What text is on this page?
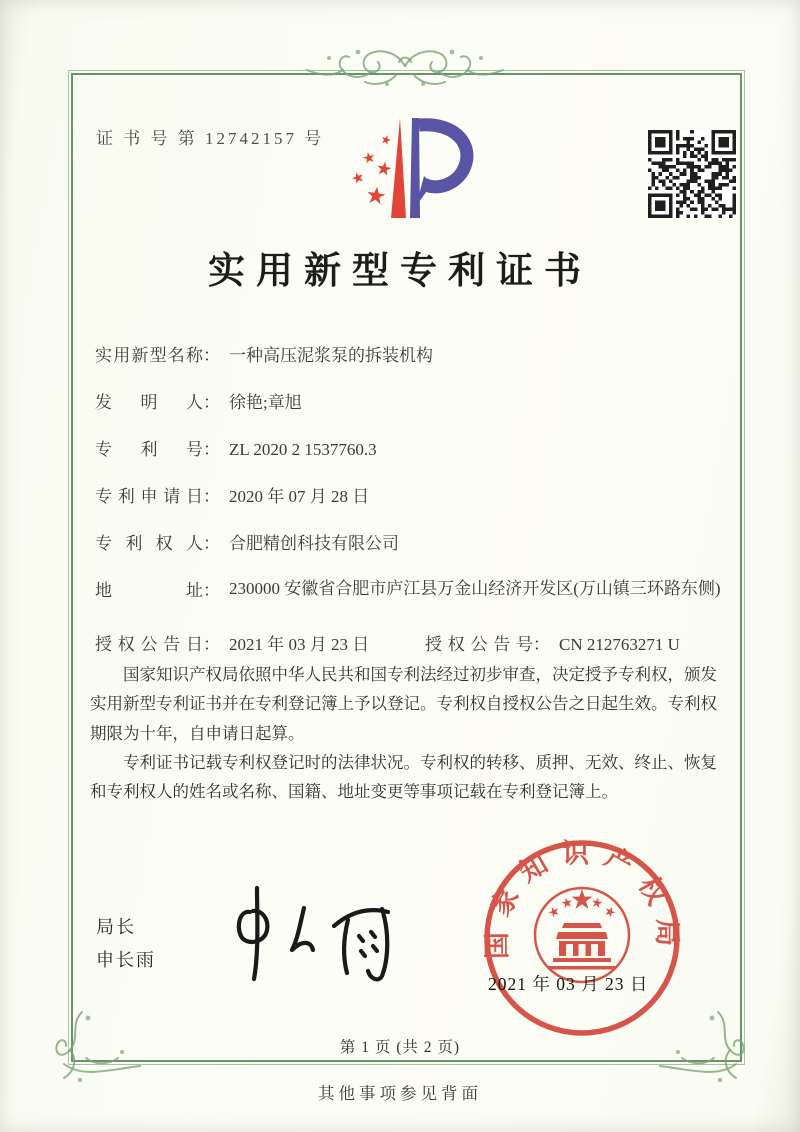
证 书 号 第 12742157 号
实用新型专利证书
实用新型名称： 一种高压泥浆泵的拆装机构
发明人： 徐艳;章旭
专利号： ZL 2020 2 1537760.3
专利申请日： 2020 年 07 月 28 日
专利权人： 合肥精创科技有限公司
地址： 230000 安徽省合肥市庐江县万金山经济开发区(万山镇三环路东侧)
授权公告日： 2021 年 03 月 23 日	授权公告号： CN 212763271 U

国家知识产权局依照中华人民共和国专利法经过初步审查，决定授予专利权，颁发实用新型专利证书并在专利登记簿上予以登记。专利权自授权公告之日起生效。专利权期限为十年，自申请日起算。

专利证书记载专利权登记时的法律状况。专利权的转移、质押、无效、终止、恢复和专利权人的姓名或名称、国籍、地址变更等事项记载在专利登记簿上。

局长
申长雨
国家知识产权局
2021 年 03 月 23 日
第 1 页 (共 2 页)
其他事项参见背面
